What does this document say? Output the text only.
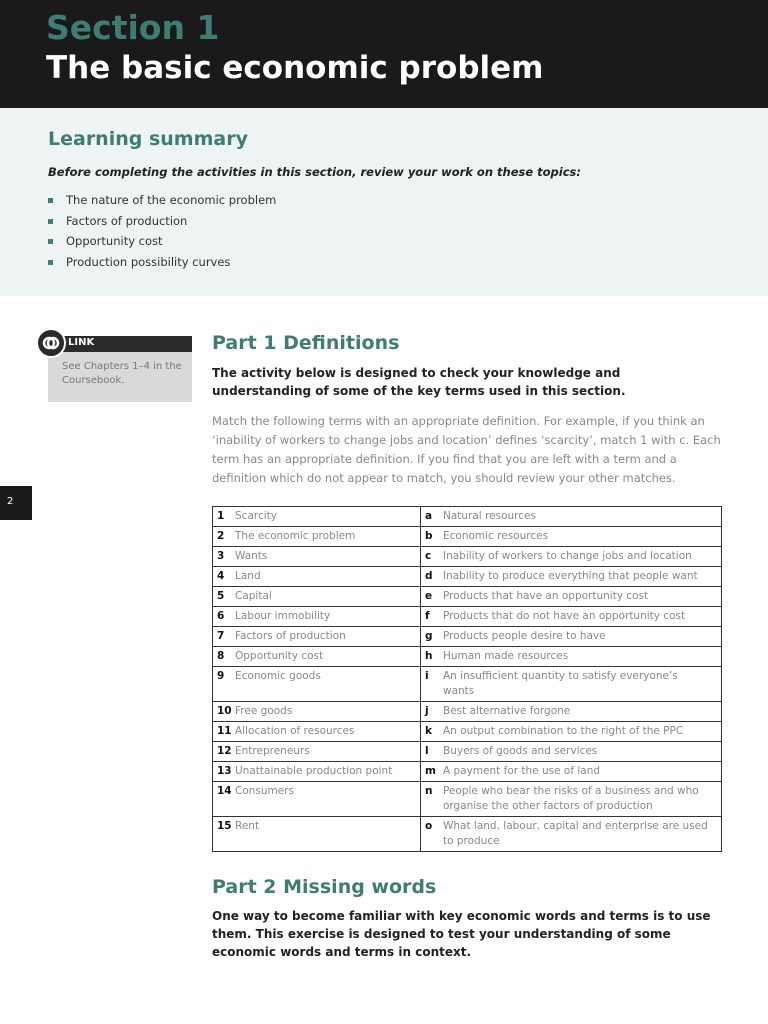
Section 1
The basic economic problem
Learning summary
Before completing the activities in this section, review your work on these topics:
The nature of the economic problem
Factors of production
Opportunity cost
Production possibility curves
LINK
See Chapters 1–4 in the Coursebook.
2
Part 1 Definitions
The activity below is designed to check your knowledge and understanding of some of the key terms used in this section.
Match the following terms with an appropriate definition. For example, if you think an ‘inability of workers to change jobs and location’ defines ‘scarcity’, match 1 with c. Each term has an appropriate definition. If you find that you are left with a term and a definition which do not appear to match, you should review your other matches.
1 Scarcity	a Natural resources
2 The economic problem	b Economic resources
3 Wants	c Inability of workers to change jobs and location
4 Land	d Inability to produce everything that people want
5 Capital	e Products that have an opportunity cost
6 Labour immobility	f Products that do not have an opportunity cost
7 Factors of production	g Products people desire to have
8 Opportunity cost	h Human made resources
9 Economic goods	i An insufficient quantity to satisfy everyone’s wants
10 Free goods	j Best alternative forgone
11 Allocation of resources	k An output combination to the right of the PPC
12 Entrepreneurs	l Buyers of goods and services
13 Unattainable production point	m A payment for the use of land
14 Consumers	n People who bear the risks of a business and who organise the other factors of production
15 Rent	o What land, labour, capital and enterprise are used to produce
Part 2 Missing words
One way to become familiar with key economic words and terms is to use them. This exercise is designed to test your understanding of some economic words and terms in context.
